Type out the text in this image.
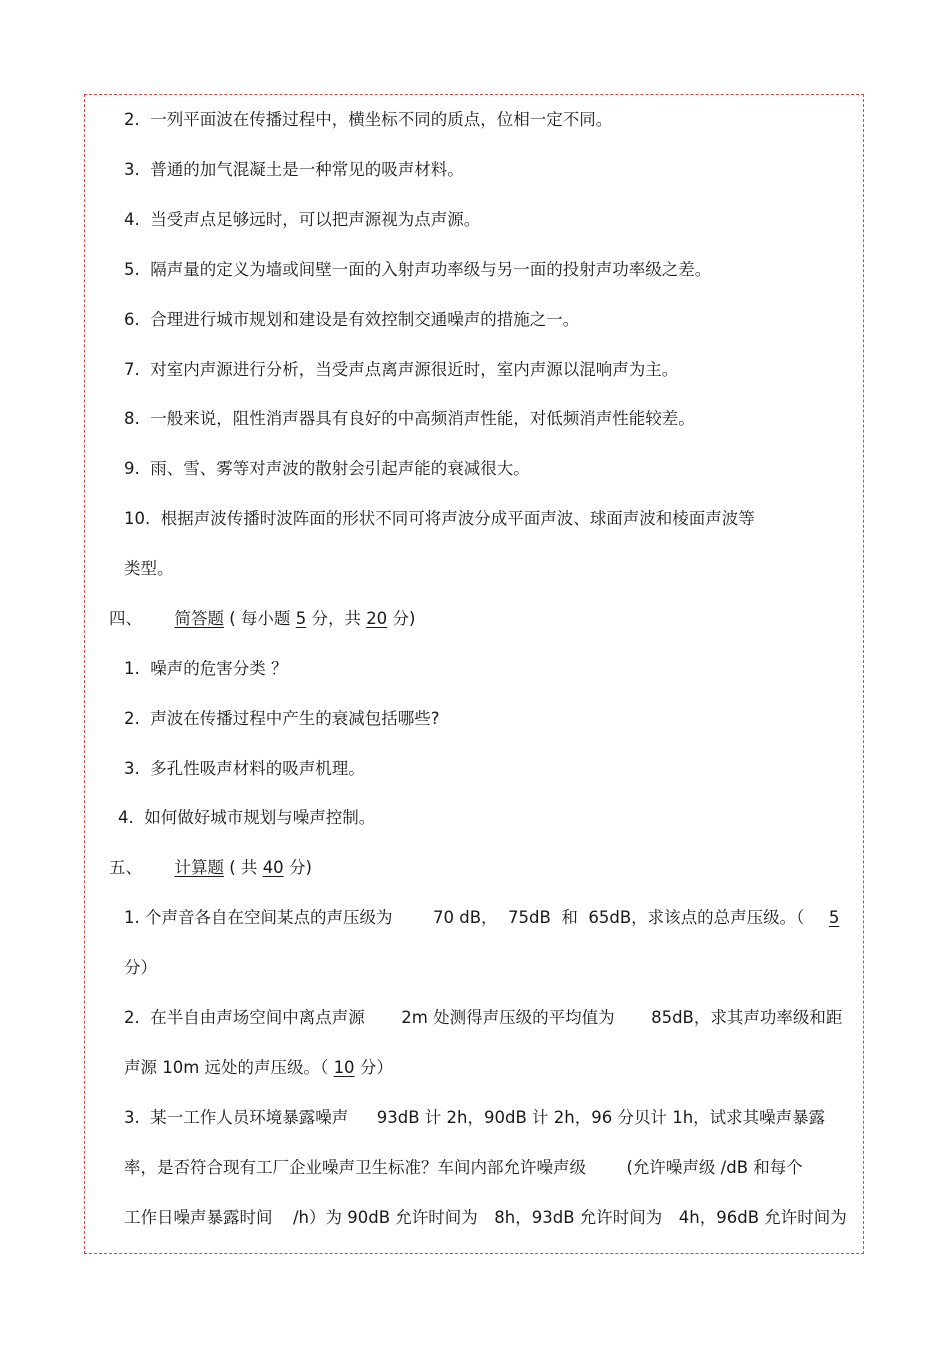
2. 一列平面波在传播过程中，横坐标不同的质点，位相一定不同。
3. 普通的加气混凝土是一种常见的吸声材料。
4. 当受声点足够远时，可以把声源视为点声源。
5. 隔声量的定义为墙或间壁一面的入射声功率级与另一面的投射声功率级之差。
6. 合理进行城市规划和建设是有效控制交通噪声的措施之一。
7. 对室内声源进行分析，当受声点离声源很近时，室内声源以混响声为主。
8. 一般来说，阻性消声器具有良好的中高频消声性能，对低频消声性能较差。
9. 雨、雪、雾等对声波的散射会引起声能的衰减很大。
10. 根据声波传播时波阵面的形状不同可将声波分成平面声波、球面声波和棱面声波等
类型。
四、 简答题 ( 每小题 5 分，共 20 分)
1. 噪声的危害分类 ？
2. 声波在传播过程中产生的衰减包括哪些?
3. 多孔性吸声材料的吸声机理。
4. 如何做好城市规划与噪声控制。
五、 计算题 ( 共 40 分)
1. 个声音各自在空间某点的声压级为 70 dB， 75dB 和 65dB，求该点的总声压级。（ 5
分）
2. 在半自由声场空间中离点声源 2m 处测得声压级的平均值为 85dB，求其声功率级和距
声源 10m 远处的声压级。（ 10 分）
3. 某一工作人员环境暴露噪声 93dB 计 2h，90dB 计 2h，96 分贝计 1h，试求其噪声暴露
率，是否符合现有工厂企业噪声卫生标准？车间内部允许噪声级 (允许噪声级 /dB 和每个
工作日噪声暴露时间 /h）为 90dB 允许时间为 8h，93dB 允许时间为 4h，96dB 允许时间为
